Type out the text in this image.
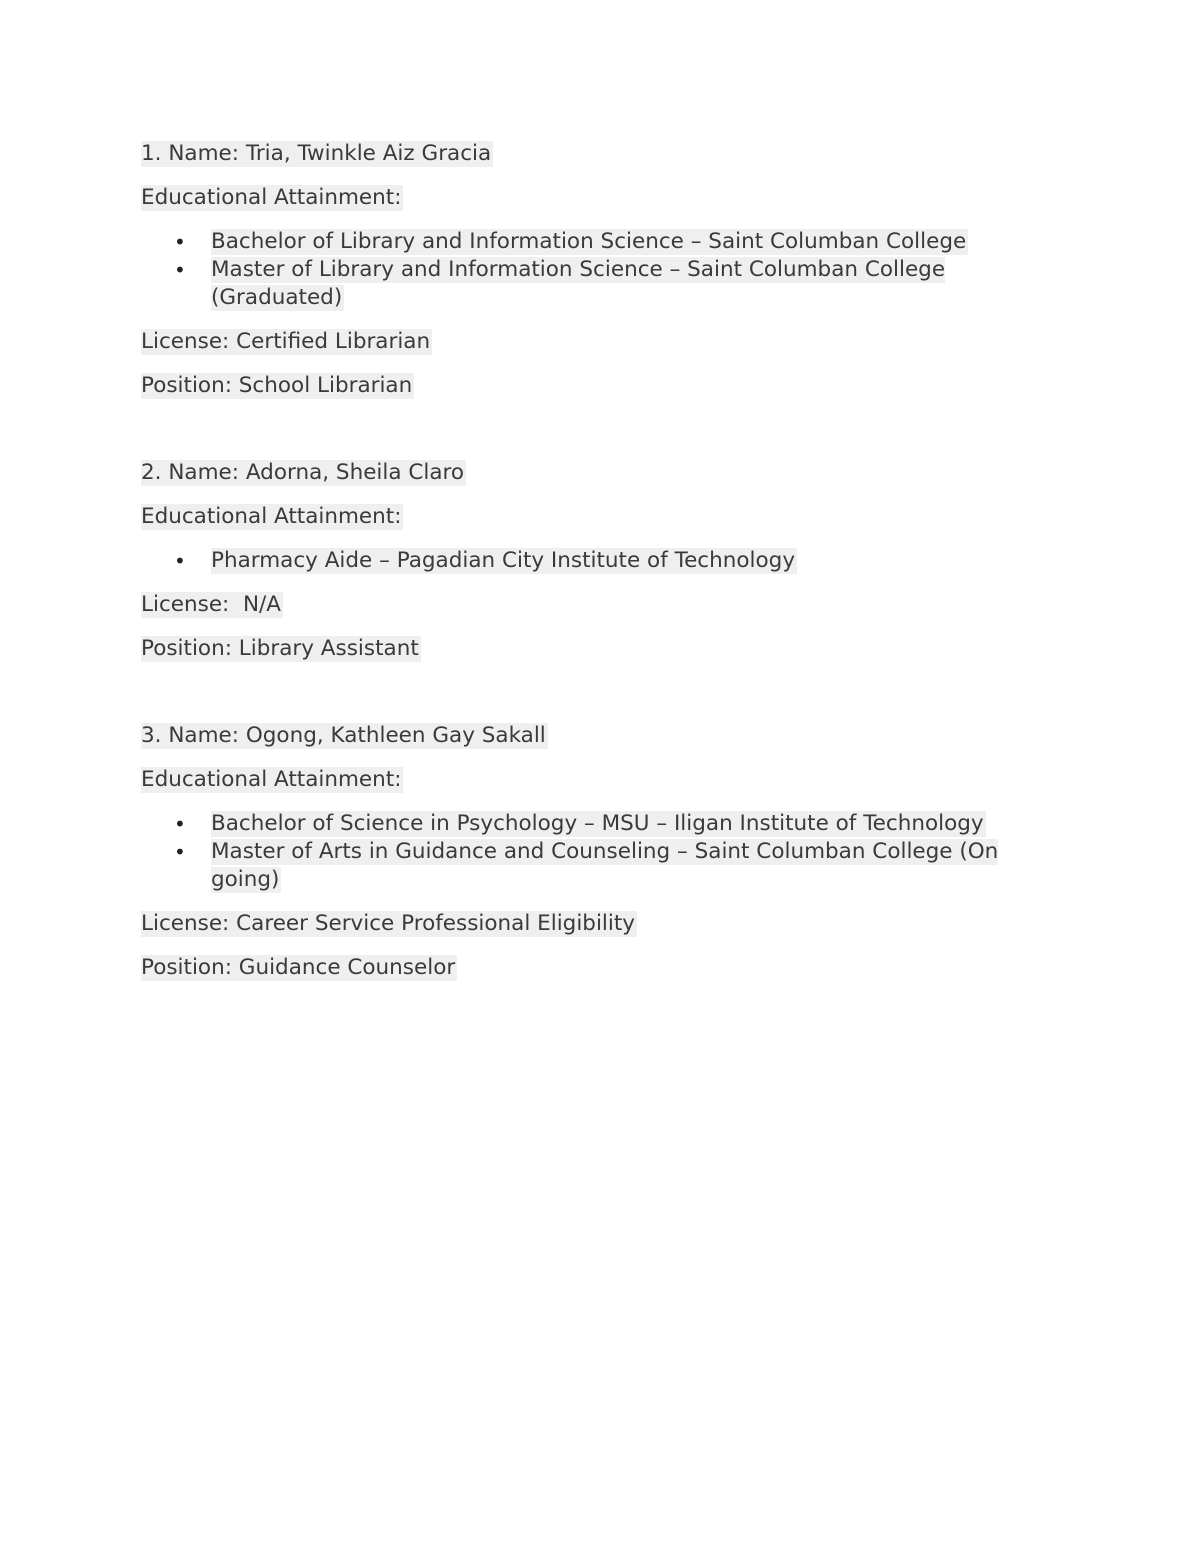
1. Name: Tria, Twinkle Aiz Gracia

Educational Attainment:

• Bachelor of Library and Information Science – Saint Columban College
• Master of Library and Information Science – Saint Columban College (Graduated)

License: Certified Librarian

Position: School Librarian

2. Name: Adorna, Sheila Claro

Educational Attainment:

• Pharmacy Aide – Pagadian City Institute of Technology

License:  N/A

Position: Library Assistant

3. Name: Ogong, Kathleen Gay Sakall

Educational Attainment:

• Bachelor of Science in Psychology – MSU – Iligan Institute of Technology
• Master of Arts in Guidance and Counseling – Saint Columban College (On going)

License: Career Service Professional Eligibility

Position: Guidance Counselor
